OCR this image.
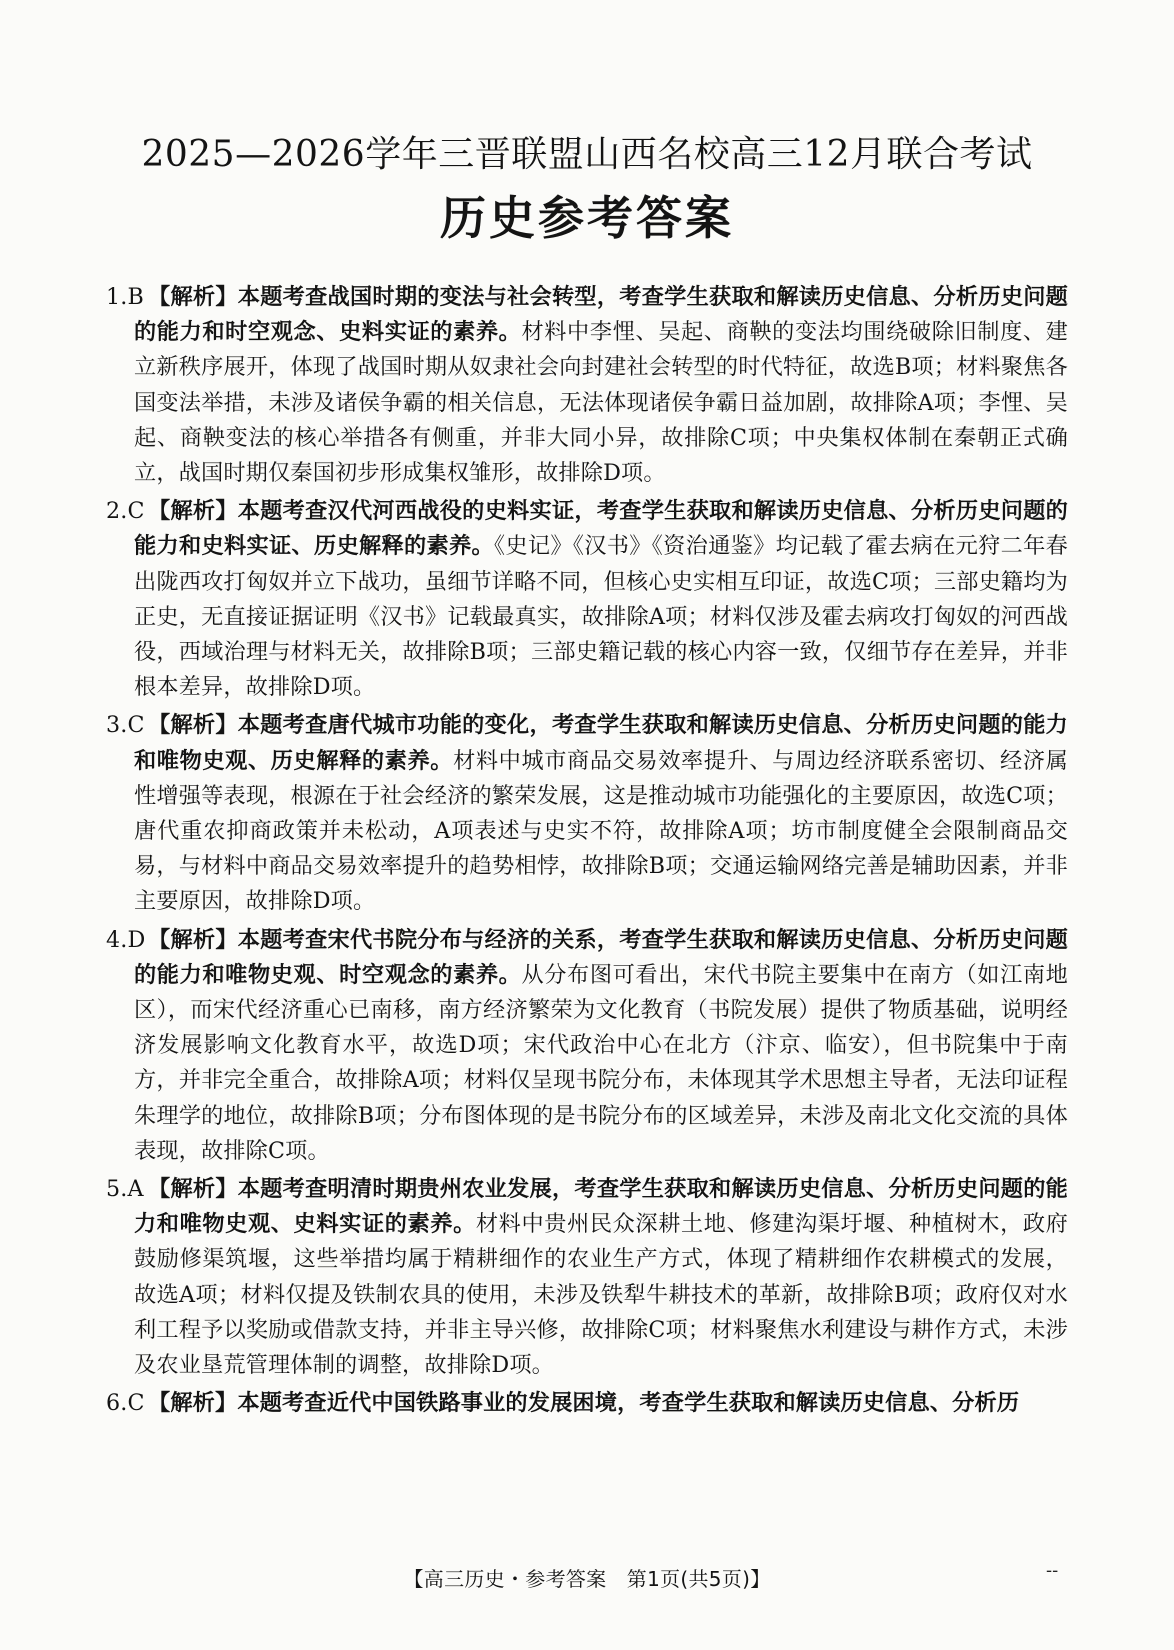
2025—2026学年三晋联盟山西名校高三12月联合考试
历史参考答案
1.B 【解析】本题考查战国时期的变法与社会转型，考查学生获取和解读历史信息、分析历史问题的能力和时空观念、史料实证的素养。材料中李悝、吴起、商鞅的变法均围绕破除旧制度、建立新秩序展开，体现了战国时期从奴隶社会向封建社会转型的时代特征，故选B项；材料聚焦各国变法举措，未涉及诸侯争霸的相关信息，无法体现诸侯争霸日益加剧，故排除A项；李悝、吴起、商鞅变法的核心举措各有侧重，并非大同小异，故排除C项；中央集权体制在秦朝正式确立，战国时期仅秦国初步形成集权雏形，故排除D项。
2.C 【解析】本题考查汉代河西战役的史料实证，考查学生获取和解读历史信息、分析历史问题的能力和史料实证、历史解释的素养。《史记》《汉书》《资治通鉴》均记载了霍去病在元狩二年春出陇西攻打匈奴并立下战功，虽细节详略不同，但核心史实相互印证，故选C项；三部史籍均为正史，无直接证据证明《汉书》记载最真实，故排除A项；材料仅涉及霍去病攻打匈奴的河西战役，西域治理与材料无关，故排除B项；三部史籍记载的核心内容一致，仅细节存在差异，并非根本差异，故排除D项。
3.C 【解析】本题考查唐代城市功能的变化，考查学生获取和解读历史信息、分析历史问题的能力和唯物史观、历史解释的素养。材料中城市商品交易效率提升、与周边经济联系密切、经济属性增强等表现，根源在于社会经济的繁荣发展，这是推动城市功能强化的主要原因，故选C项；唐代重农抑商政策并未松动，A项表述与史实不符，故排除A项；坊市制度健全会限制商品交易，与材料中商品交易效率提升的趋势相悖，故排除B项；交通运输网络完善是辅助因素，并非主要原因，故排除D项。
4.D 【解析】本题考查宋代书院分布与经济的关系，考查学生获取和解读历史信息、分析历史问题的能力和唯物史观、时空观念的素养。从分布图可看出，宋代书院主要集中在南方（如江南地区），而宋代经济重心已南移，南方经济繁荣为文化教育（书院发展）提供了物质基础，说明经济发展影响文化教育水平，故选D项；宋代政治中心在北方（汴京、临安），但书院集中于南方，并非完全重合，故排除A项；材料仅呈现书院分布，未体现其学术思想主导者，无法印证程朱理学的地位，故排除B项；分布图体现的是书院分布的区域差异，未涉及南北文化交流的具体表现，故排除C项。
5.A 【解析】本题考查明清时期贵州农业发展，考查学生获取和解读历史信息、分析历史问题的能力和唯物史观、史料实证的素养。材料中贵州民众深耕土地、修建沟渠圩堰、种植树木，政府鼓励修渠筑堰，这些举措均属于精耕细作的农业生产方式，体现了精耕细作农耕模式的发展，故选A项；材料仅提及铁制农具的使用，未涉及铁犁牛耕技术的革新，故排除B项；政府仅对水利工程予以奖励或借款支持，并非主导兴修，故排除C项；材料聚焦水利建设与耕作方式，未涉及农业垦荒管理体制的调整，故排除D项。
6.C 【解析】本题考查近代中国铁路事业的发展困境，考查学生获取和解读历史信息、分析历
【高三历史・参考答案　第1页(共5页)】	--
